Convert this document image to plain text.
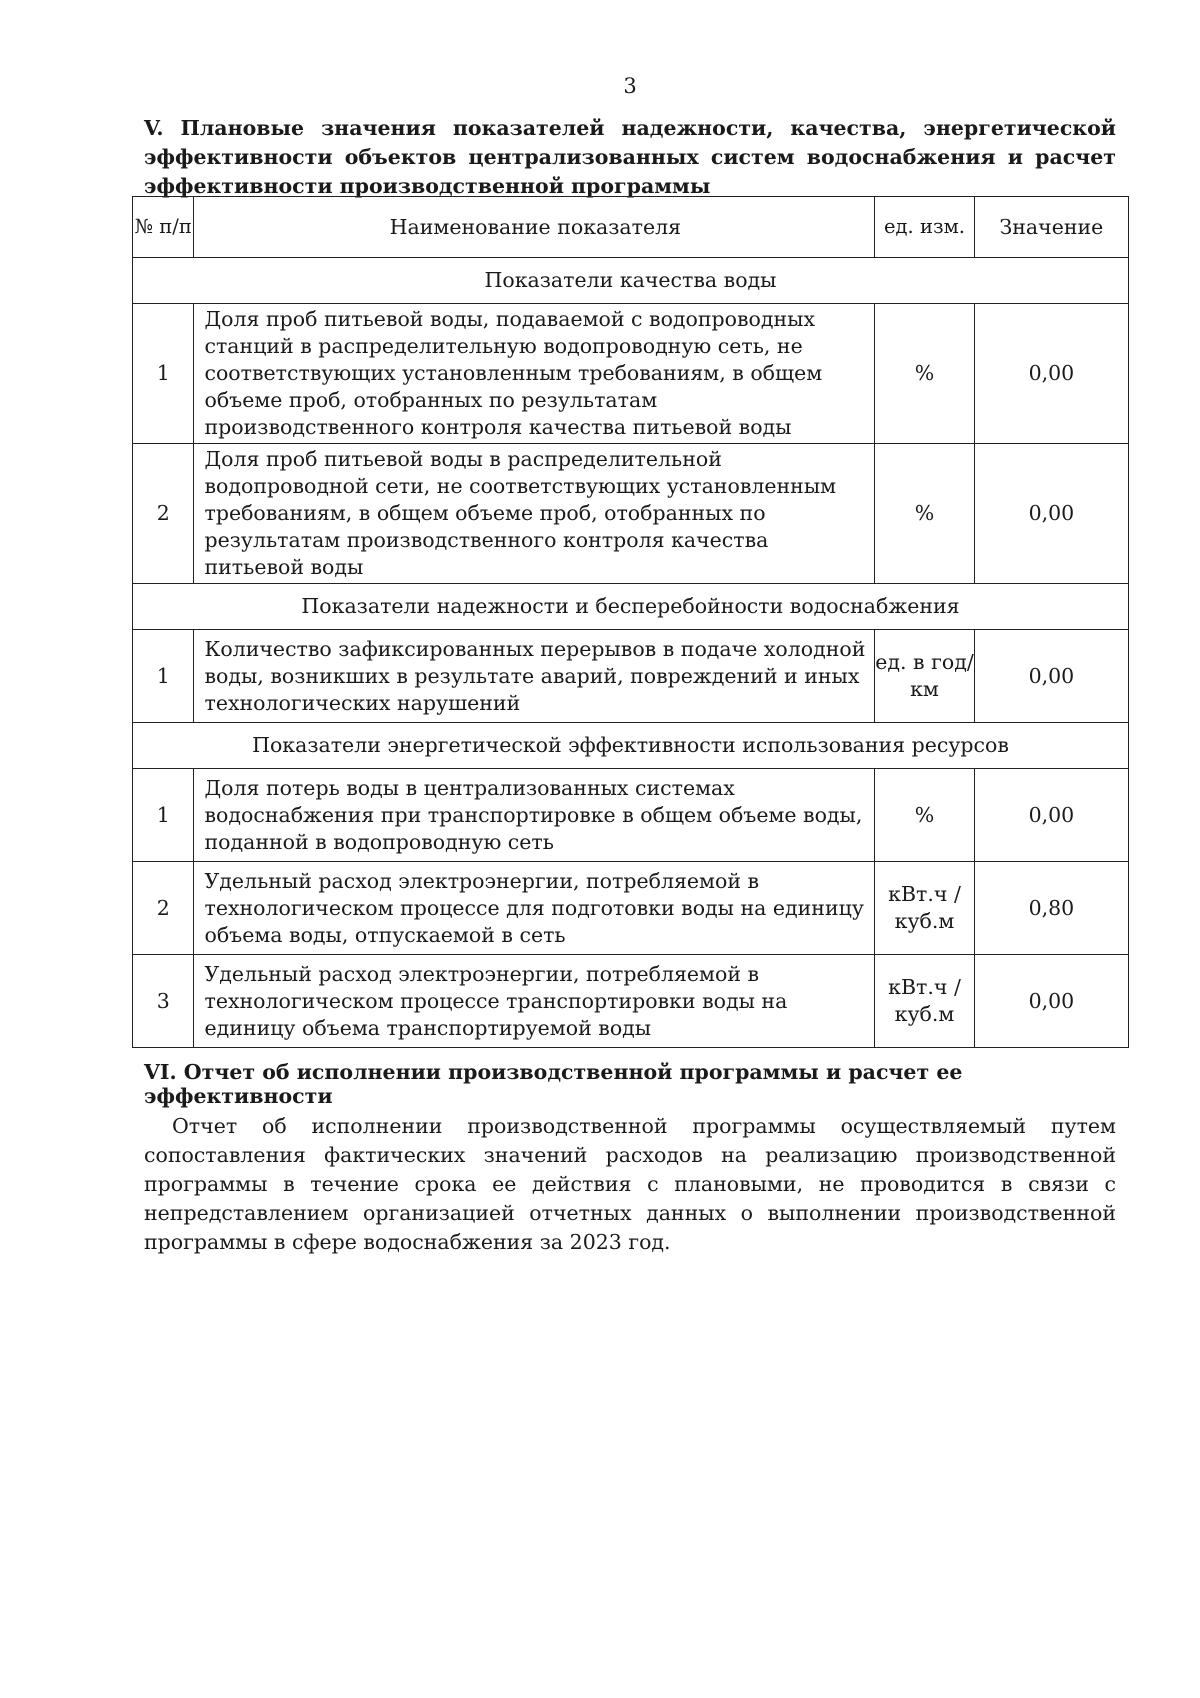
3
V. Плановые значения показателей надежности, качества, энергетической
эффективности объектов централизованных систем водоснабжения и расчет
эффективности производственной программы
№ п/п	Наименование показателя	ед. изм.	Значение
Показатели качества воды			
1	Доля проб питьевой воды, подаваемой с водопроводных станций в распределительную водопроводную сеть, не соответствующих установленным требованиям, в общем объеме проб, отобранных по результатам производственного контроля качества питьевой воды	%	0,00
2	Доля проб питьевой воды в распределительной водопроводной сети, не соответствующих установленным требованиям, в общем объеме проб, отобранных по результатам производственного контроля качества питьевой воды	%	0,00
Показатели надежности и бесперебойности водоснабжения			
1	Количество зафиксированных перерывов в подаче холодной воды, возникших в результате аварий, повреждений и иных технологических нарушений	ед. в год/ км	0,00
Показатели энергетической эффективности использования ресурсов			
1	Доля потерь воды в централизованных системах водоснабжения при транспортировке в общем объеме воды, поданной в водопроводную сеть	%	0,00
2	Удельный расход электроэнергии, потребляемой в технологическом процессе для подготовки воды на единицу объема воды, отпускаемой в сеть	кВт.ч / куб.м	0,80
3	Удельный расход электроэнергии, потребляемой в технологическом процессе транспортировки воды на единицу объема транспортируемой воды	кВт.ч / куб.м	0,00
VI. Отчет об исполнении производственной программы и расчет ее эффективности

Отчет об исполнении производственной программы осуществляемый путем сопоставления фактических значений расходов на реализацию производственной программы в течение срока ее действия с плановыми, не проводится в связи с непредставлением организацией отчетных данных о выполнении производственной программы в сфере водоснабжения за 2023 год.
